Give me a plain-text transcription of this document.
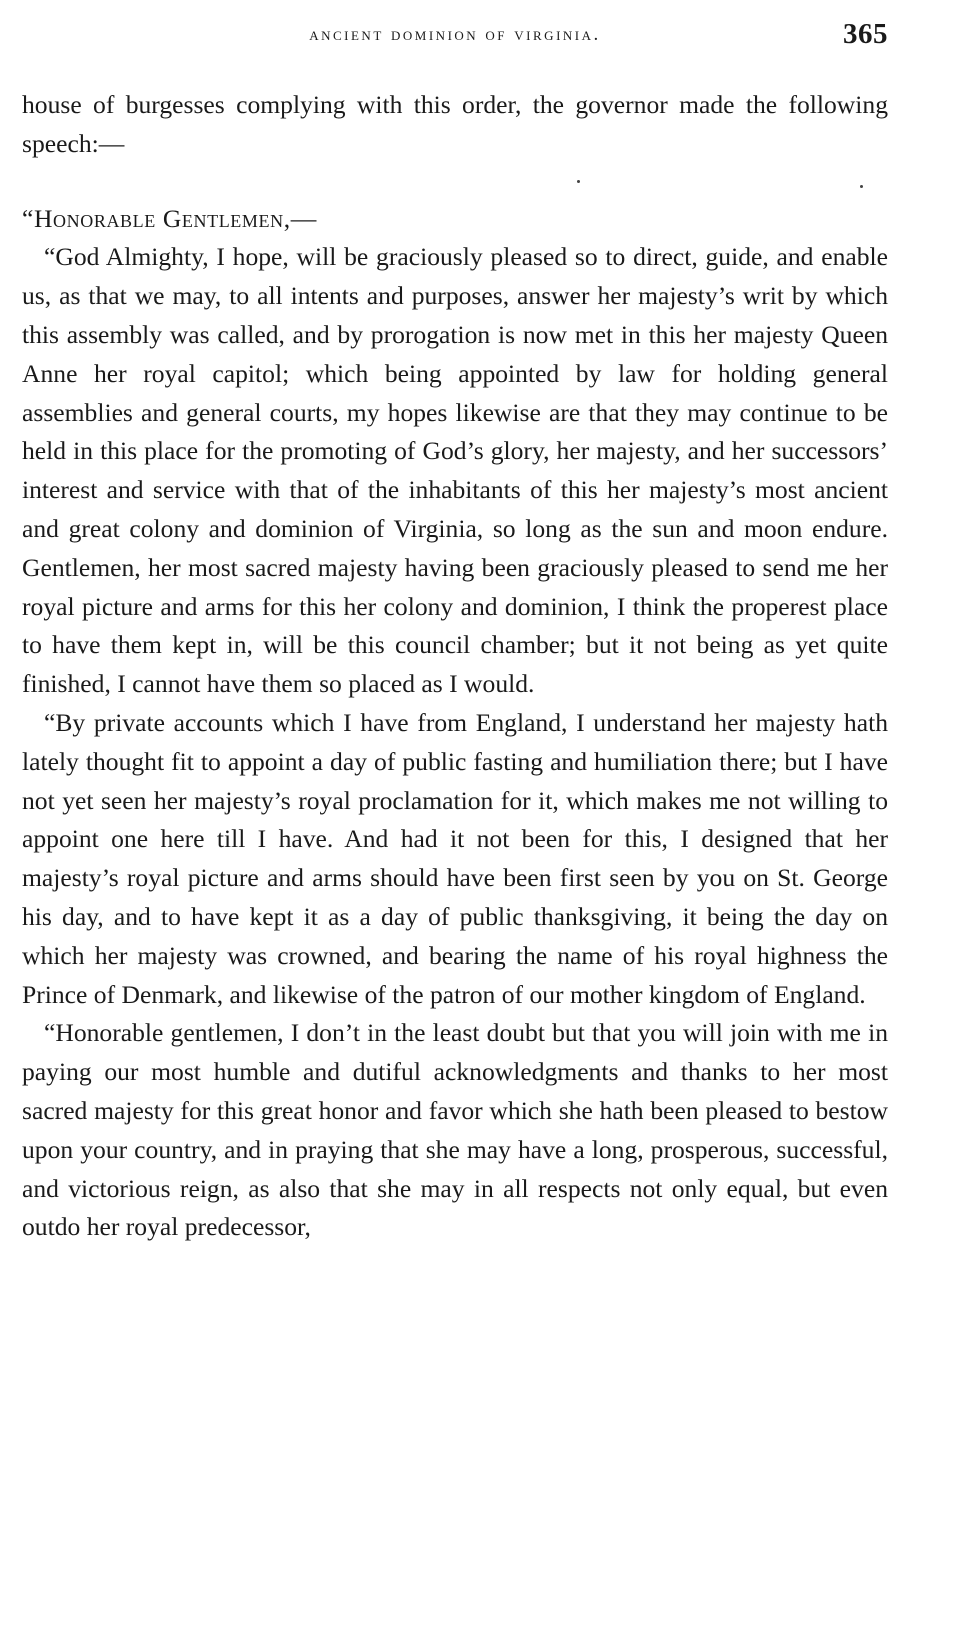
ancient dominion of virginia.	365

house of burgesses complying with this order, the governor made the following speech:—

“Honorable Gentlemen,—

“God Almighty, I hope, will be graciously pleased so to direct, guide, and enable us, as that we may, to all intents and purposes, answer her majesty’s writ by which this assembly was called, and by prorogation is now met in this her majesty Queen Anne her royal capitol; which being appointed by law for holding general assemblies and general courts, my hopes likewise are that they may continue to be held in this place for the promoting of God’s glory, her majesty, and her successors’ interest and service with that of the inhabitants of this her majesty’s most ancient and great colony and dominion of Virginia, so long as the sun and moon endure. Gentlemen, her most sacred majesty having been graciously pleased to send me her royal picture and arms for this her colony and dominion, I think the properest place to have them kept in, will be this council chamber; but it not being as yet quite finished, I cannot have them so placed as I would.

“By private accounts which I have from England, I understand her majesty hath lately thought fit to appoint a day of public fasting and humiliation there; but I have not yet seen her majesty’s royal proclamation for it, which makes me not willing to appoint one here till I have. And had it not been for this, I designed that her majesty’s royal picture and arms should have been first seen by you on St. George his day, and to have kept it as a day of public thanksgiving, it being the day on which her majesty was crowned, and bearing the name of his royal highness the Prince of Denmark, and likewise of the patron of our mother kingdom of England.

“Honorable gentlemen, I don’t in the least doubt but that you will join with me in paying our most humble and dutiful acknowledgments and thanks to her most sacred majesty for this great honor and favor which she hath been pleased to bestow upon your country, and in praying that she may have a long, prosperous, successful, and victorious reign, as also that she may in all respects not only equal, but even outdo her royal predecessor,
